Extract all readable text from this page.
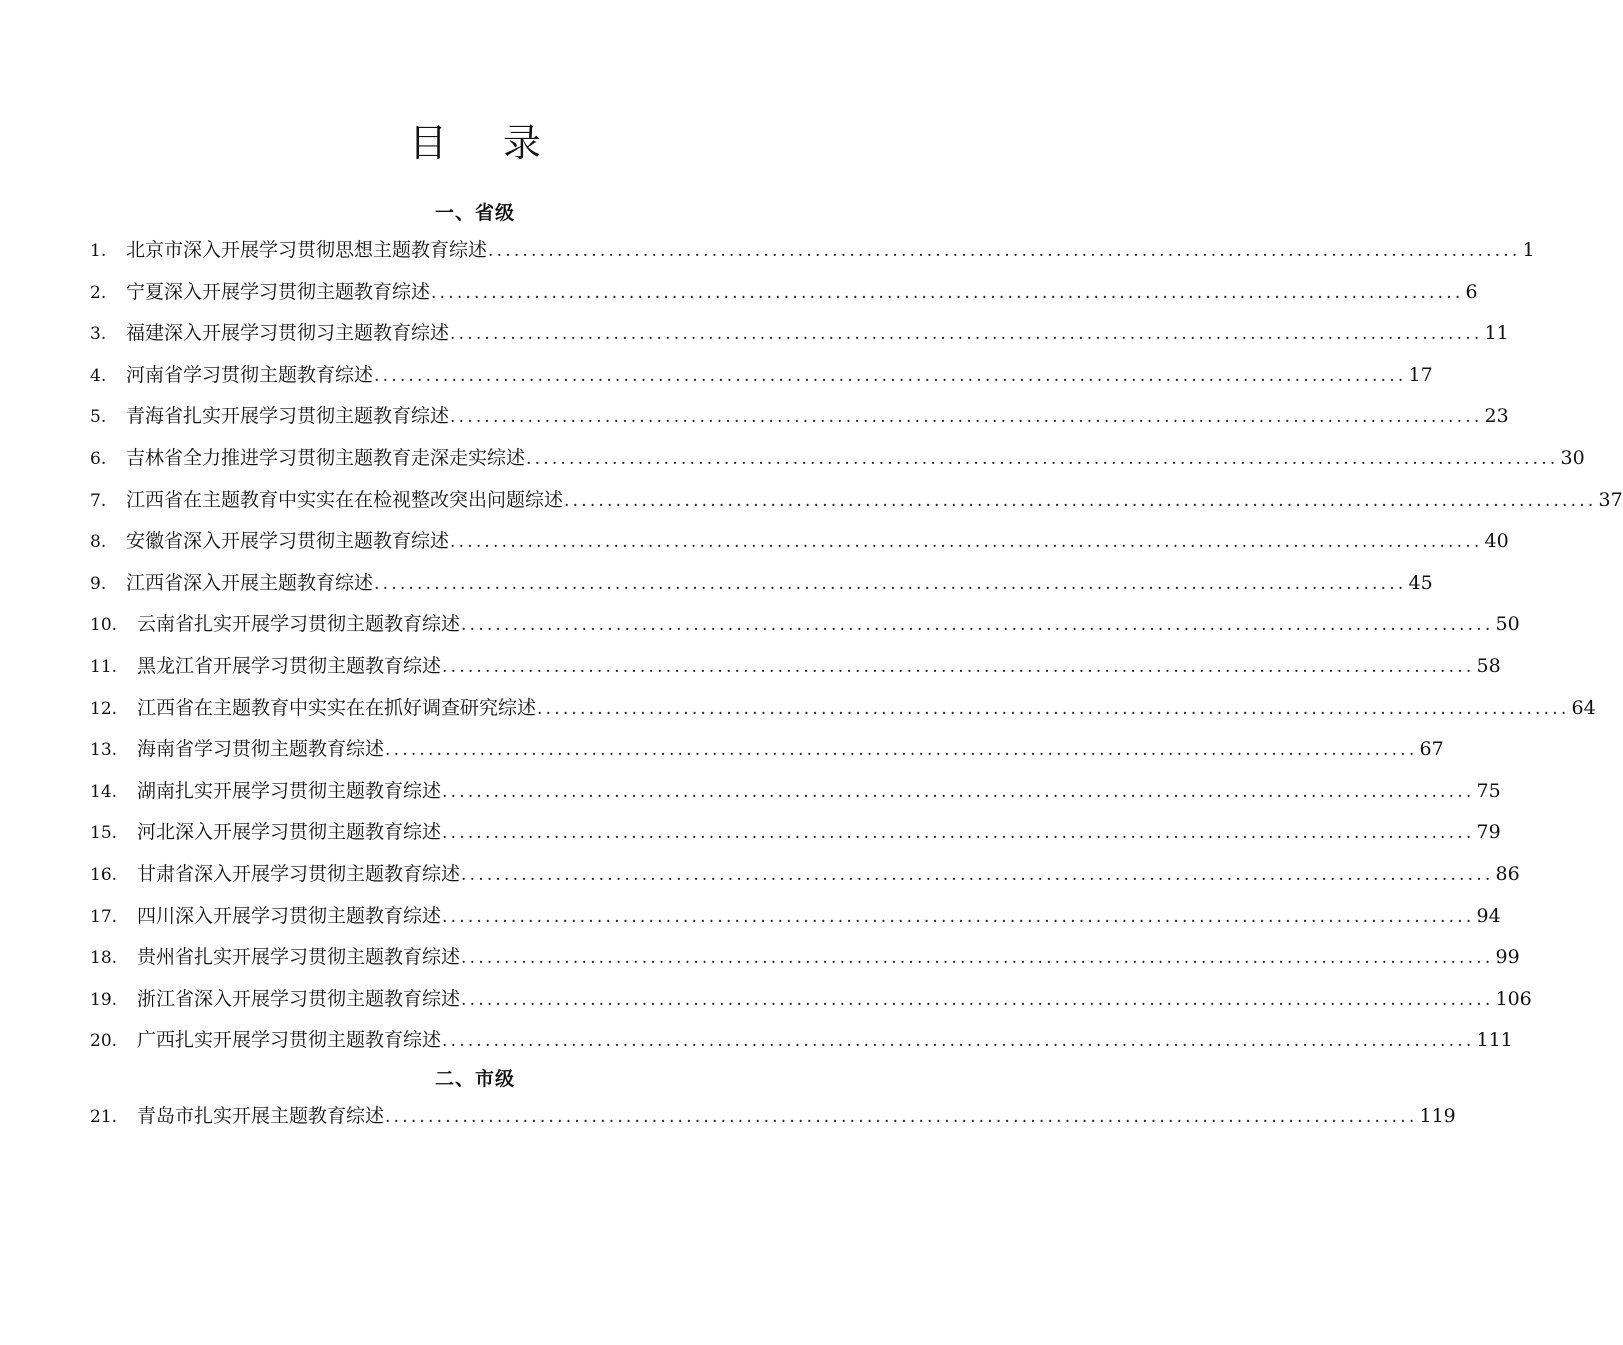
目 录
一、省级
1.	北京市深入开展学习贯彻思想主题教育综述 ........................................................................................................................ 1
2.	宁夏深入开展学习贯彻主题教育综述 ........................................................................................................................ 6
3.	福建深入开展学习贯彻习主题教育综述 ........................................................................................................................ 11
4.	河南省学习贯彻主题教育综述 ........................................................................................................................ 17
5.	青海省扎实开展学习贯彻主题教育综述 ........................................................................................................................ 23
6.	吉林省全力推进学习贯彻主题教育走深走实综述 ........................................................................................................................ 30
7.	江西省在主题教育中实实在在检视整改突出问题综述 ........................................................................................................................ 37
8.	安徽省深入开展学习贯彻主题教育综述 ........................................................................................................................ 40
9.	江西省深入开展主题教育综述 ........................................................................................................................ 45
10.	云南省扎实开展学习贯彻主题教育综述 ........................................................................................................................ 50
11.	黑龙江省开展学习贯彻主题教育综述 ........................................................................................................................ 58
12.	江西省在主题教育中实实在在抓好调查研究综述 ........................................................................................................................ 64
13.	海南省学习贯彻主题教育综述 ........................................................................................................................ 67
14.	湖南扎实开展学习贯彻主题教育综述 ........................................................................................................................ 75
15.	河北深入开展学习贯彻主题教育综述 ........................................................................................................................ 79
16.	甘肃省深入开展学习贯彻主题教育综述 ........................................................................................................................ 86
17.	四川深入开展学习贯彻主题教育综述 ........................................................................................................................ 94
18.	贵州省扎实开展学习贯彻主题教育综述 ........................................................................................................................ 99
19.	浙江省深入开展学习贯彻主题教育综述 ........................................................................................................................ 106
20.	广西扎实开展学习贯彻主题教育综述 ........................................................................................................................ 111
二、市级
21.	青岛市扎实开展主题教育综述 ........................................................................................................................ 119
